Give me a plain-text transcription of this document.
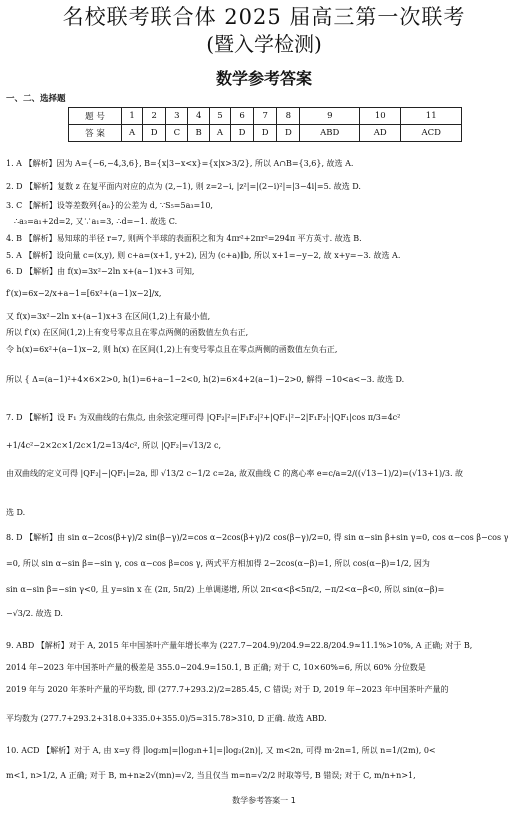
名校联考联合体 2025 届高三第一次联考
(暨入学检测)
数学参考答案
一、二、选择题
题 号	1	2	3	4	5	6	7	8	9	10	11
答 案	A	D	C	B	A	D	D	D	ABD	AD	ACD
1. A 【解析】因为 A={−6,−4,3,6}, B={x|3−x<x}={x|x>3/2}, 所以 A∩B={3,6}, 故选 A.
2. D 【解析】复数 z 在复平面内对应的点为 (2,−1), 则 z=2−i, |z²|=|(2−i)²|=|3−4i|=5. 故选 D.
3. C 【解析】设等差数列{aₙ}的公差为 d, ∵S₅=5a₃=10,
∴a₃=a₁+2d=2, 又∵a₁=3, ∴d=−1. 故选 C.
4. B 【解析】易知球的半径 r=7, 则两个半球的表面积之和为 4πr²+2πr²=294π 平方英寸. 故选 B.
5. A 【解析】设向量 c=(x,y), 则 c+a=(x+1, y+2), 因为 (c+a)∥b, 所以 x+1=−y−2, 故 x+y=−3. 故选 A.
6. D 【解析】由 f(x)=3x²−2ln x+(a−1)x+3 可知,
f′(x)=6x−2/x+a−1=[6x²+(a−1)x−2]/x,
又 f(x)=3x²−2ln x+(a−1)x+3 在区间(1,2)上有最小值,
所以 f′(x) 在区间(1,2)上有变号零点且在零点两侧的函数值左负右正,
令 h(x)=6x²+(a−1)x−2, 则 h(x) 在区间(1,2)上有变号零点且在零点两侧的函数值左负右正,
所以 { Δ=(a−1)²+4×6×2>0, h(1)=6+a−1−2<0, h(2)=6×4+2(a−1)−2>0, 解得 −10<a<−3. 故选 D.
7. D 【解析】设 F₁ 为双曲线的右焦点, 由余弦定理可得 |QF₂|²=|F₁F₂|²+|QF₁|²−2|F₁F₂|·|QF₁|cos π/3=4c²
+1/4c²−2×2c×1/2c×1/2=13/4c², 所以 |QF₂|=√13/2 c,
由双曲线的定义可得 |QF₂|−|QF₁|=2a, 即 √13/2 c−1/2 c=2a, 故双曲线 C 的离心率 e=c/a=2/((√13−1)/2)=(√13+1)/3. 故
选 D.
8. D 【解析】由 sin α−2cos(β+γ)/2 sin(β−γ)/2=cos α−2cos(β+γ)/2 cos(β−γ)/2=0, 得 sin α−sin β+sin γ=0, cos α−cos β−cos γ
=0, 所以 sin α−sin β=−sin γ, cos α−cos β=cos γ, 两式平方相加得 2−2cos(α−β)=1, 所以 cos(α−β)=1/2, 因为
sin α−sin β=−sin γ<0, 且 y=sin x 在 (2π, 5π/2) 上单调递增, 所以 2π<α<β<5π/2, −π/2<α−β<0, 所以 sin(α−β)=
−√3/2. 故选 D.
9. ABD 【解析】对于 A, 2015 年中国茶叶产量年增长率为 (227.7−204.9)/204.9=22.8/204.9≈11.1%>10%, A 正确; 对于 B,
2014 年−2023 年中国茶叶产量的极差是 355.0−204.9=150.1, B 正确; 对于 C, 10×60%=6, 所以 60% 分位数是
2019 年与 2020 年茶叶产量的平均数, 即 (277.7+293.2)/2=285.45, C 错误; 对于 D, 2019 年−2023 年中国茶叶产量的
平均数为 (277.7+293.2+318.0+335.0+355.0)/5=315.78>310, D 正确. 故选 ABD.
10. ACD 【解析】对于 A, 由 x=y 得 |log₂m|=|log₂n+1|=|log₂(2n)|, 又 m<2n, 可得 m·2n=1, 所以 n=1/(2m), 0<
m<1, n>1/2, A 正确; 对于 B, m+n≥2√(mn)=√2, 当且仅当 m=n=√2/2 时取等号, B 错误; 对于 C, m/n+n>1,
数学参考答案一 1
